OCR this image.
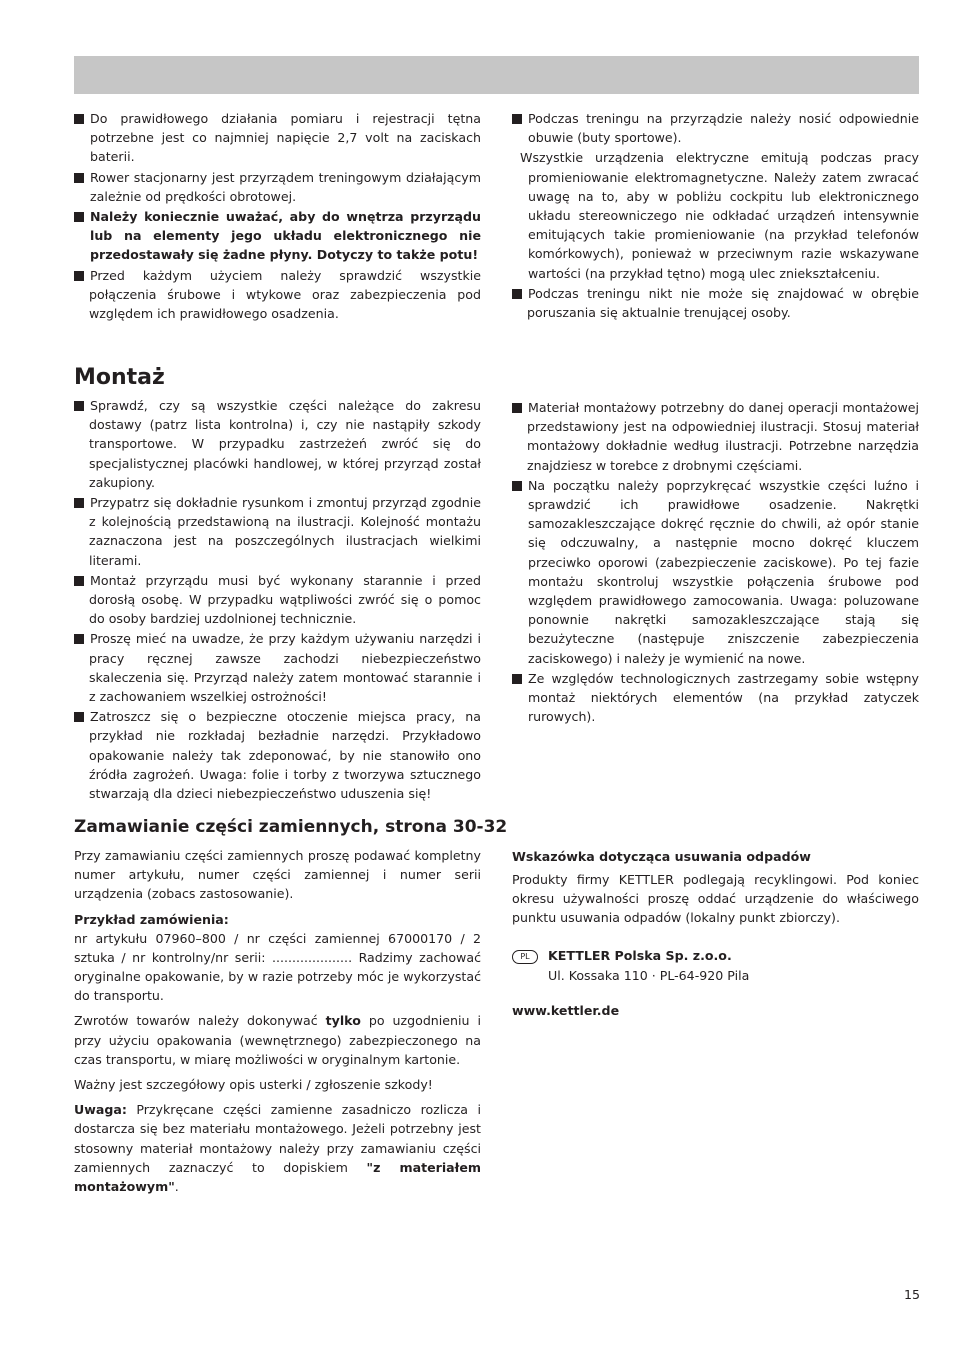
Do prawidłowego działania pomiaru i rejestracji tętna potrzebne jest co najmniej napięcie 2,7 volt na zaciskach baterii.
Rower stacjonarny jest przyrządem treningowym działającym zależnie od prędkości obrotowej.
Należy koniecznie uważać, aby do wnętrza przyrządu lub na elementy jego układu elektronicznego nie przedostawały się żadne płyny. Dotyczy to także potu!
Przed każdym użyciem należy sprawdzić wszystkie połączenia śrubowe i wtykowe oraz zabezpieczenia pod względem ich prawidłowego osadzenia.
Podczas treningu na przyrządzie należy nosić odpowiednie obuwie (buty sportowe).
Wszystkie urządzenia elektryczne emitują podczas pracy promieniowanie elektromagnetyczne. Należy zatem zwracać uwagę na to, aby w pobliżu cockpitu lub elektronicznego układu stereowniczego nie odkładać urządzeń intensywnie emitujących takie promieniowanie (na przykład telefonów komórkowych), ponieważ w przeciwnym razie wskazywane wartości (na przykład tętno) mogą ulec zniekształceniu.
Podczas treningu nikt nie może się znajdować w obrębie poruszania się aktualnie trenującej osoby.
Montaż
Sprawdź, czy są wszystkie części należące do zakresu dostawy (patrz lista kontrolna) i, czy nie nastąpiły szkody transportowe. W przypadku zastrzeżeń zwróć się do specjalistycznej placówki handlowej, w której przyrząd został zakupiony.
Przypatrz się dokładnie rysunkom i zmontuj przyrząd zgodnie z kolejnością przedstawioną na ilustracji. Kolejność montażu zaznaczona jest na poszczególnych ilustracjach wielkimi literami.
Montaż przyrządu musi być wykonany starannie i przed dorosłą osobę. W przypadku wątpliwości zwróć się o pomoc do osoby bardziej uzdolnionej technicznie.
Proszę mieć na uwadze, że przy każdym używaniu narzędzi i pracy ręcznej zawsze zachodzi niebezpieczeństwo skaleczenia się. Przyrząd należy zatem montować starannie i z zachowaniem wszelkiej ostrożności!
Zatroszcz się o bezpieczne otoczenie miejsca pracy, na przykład nie rozkładaj bezładnie narzędzi. Przykładowo opakowanie należy tak zdeponować, by nie stanowiło ono źródła zagrożeń. Uwaga: folie i torby z tworzywa sztucznego stwarzają dla dzieci niebezpieczeństwo uduszenia się!
Materiał montażowy potrzebny do danej operacji montażowej przedstawiony jest na odpowiedniej ilustracji. Stosuj materiał montażowy dokładnie według ilustracji. Potrzebne narzędzia znajdziesz w torebce z drobnymi częściami.
Na początku należy poprzykręcać wszystkie części luźno i sprawdzić ich prawidłowe osadzenie. Nakrętki samozakleszczające dokręć ręcznie do chwili, aż opór stanie się odczuwalny, a następnie mocno dokręć kluczem przeciwko oporowi (zabezpieczenie zaciskowe). Po tej fazie montażu skontroluj wszystkie połączenia śrubowe pod względem prawidłowego zamocowania. Uwaga: poluzowane ponownie nakrętki samozakleszczające stają się bezużyteczne (następuje zniszczenie zabezpieczenia zaciskowego) i należy je wymienić na nowe.
Ze względów technologicznych zastrzegamy sobie wstępny montaż niektórych elementów (na przykład zatyczek rurowych).
Zamawianie części zamiennych, strona 30-32

Przy zamawianiu części zamiennych proszę podawać kompletny numer artykułu, numer części zamiennej i numer serii urządzenia (zobacs zastosowanie).

Przykład zamówienia:

nr artykułu 07960–800 / nr części zamiennej 67000170 / 2 sztuka / nr kontrolny/nr serii: .................... Radzimy zachować oryginalne opakowanie, by w razie potrzeby móc je wykorzystać do transportu.

Zwrotów towarów należy dokonywać tylko po uzgodnieniu i przy użyciu opakowania (wewnętrznego) zabezpieczonego na czas transportu, w miarę możliwości w oryginalnym kartonie.

Ważny jest szczegółowy opis usterki / zgłoszenie szkody!

Uwaga: Przykręcane części zamienne zasadniczo rozlicza i dostarcza się bez materiału montażowego. Jeżeli potrzebny jest stosowny materiał montażowy należy przy zamawianiu części zamiennych zaznaczyć to dopiskiem "z materiałem montażowym".

Wskazówka dotycząca usuwania odpadów

Produkty firmy KETTLER podlegają recyklingowi. Pod koniec okresu używalności proszę oddać urządzenie do właściwego punktu usuwania odpadów (lokalny punkt zbiorczy).

PL KETTLER Polska Sp. z.o.o.
Ul. Kossaka 110 · PL-64-920 Pila
www.kettler.de
15
